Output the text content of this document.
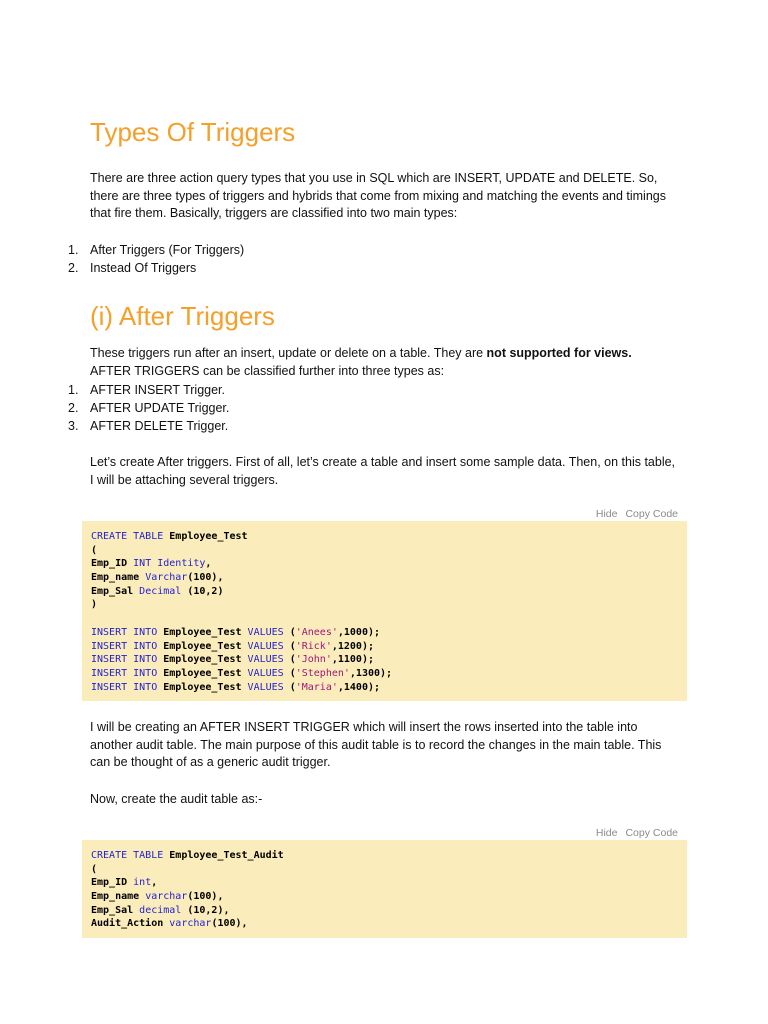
Types Of Triggers

There are three action query types that you use in SQL which are INSERT, UPDATE and DELETE. So, there are three types of triggers and hybrids that come from mixing and matching the events and timings that fire them. Basically, triggers are classified into two main types:

1. After Triggers (For Triggers)
2. Instead Of Triggers
(i) After Triggers

These triggers run after an insert, update or delete on a table. They are not supported for views.
AFTER TRIGGERS can be classified further into three types as:

1. AFTER INSERT Trigger.
2. AFTER UPDATE Trigger.
3. AFTER DELETE Trigger.

Let’s create After triggers. First of all, let’s create a table and insert some sample data. Then, on this table, I will be attaching several triggers.

Hide Copy Code
CREATE TABLE Employee_Test
(
Emp_ID INT Identity,
Emp_name Varchar(100),
Emp_Sal Decimal (10,2)
)
INSERT INTO Employee_Test VALUES ('Anees',1000);
INSERT INTO Employee_Test VALUES ('Rick',1200);
INSERT INTO Employee_Test VALUES ('John',1100);
INSERT INTO Employee_Test VALUES ('Stephen',1300);
INSERT INTO Employee_Test VALUES ('Maria',1400);

I will be creating an AFTER INSERT TRIGGER which will insert the rows inserted into the table into another audit table. The main purpose of this audit table is to record the changes in the main table. This can be thought of as a generic audit trigger.

Now, create the audit table as:-

Hide Copy Code
CREATE TABLE Employee_Test_Audit
(
Emp_ID int,
Emp_name varchar(100),
Emp_Sal decimal (10,2),
Audit_Action varchar(100),
